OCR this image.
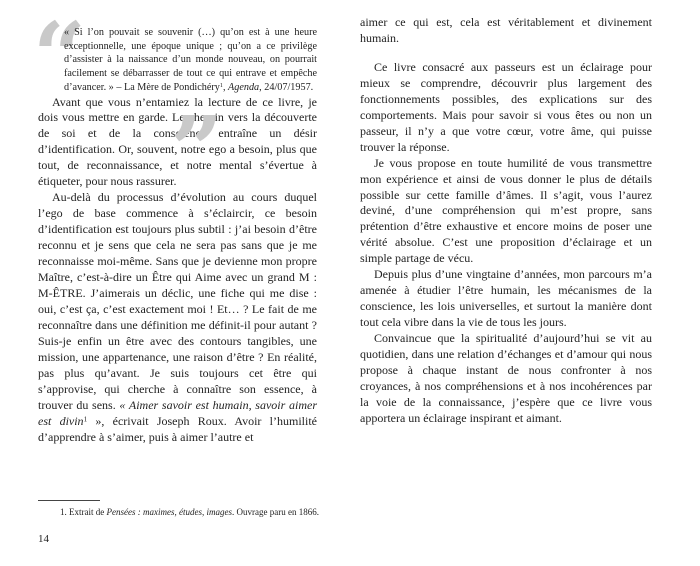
“
”

« Si l’on pouvait se souvenir (…) qu’on est à une heure exceptionnelle, une époque unique ; qu’on a ce privilège d’assister à la naissance d’un monde nouveau, on pourrait facilement se débarrasser de tout ce qui entrave et empêche d’avancer. » – La Mère de Pondichéry$^1$, Agenda, 24/07/1957.

Avant que vous n’entamiez la lecture de ce livre, je dois vous mettre en garde. Le chemin vers la découverte de soi et de la conscience entraîne un désir d’identification. Or, souvent, notre ego a besoin, plus que tout, de reconnaissance, et notre mental s’évertue à étiqueter, pour nous rassurer.

Au-delà du processus d’évolution au cours duquel l’ego de base commence à s’éclaircir, ce besoin d’identification est toujours plus subtil : j’ai besoin d’être reconnu et je sens que cela ne sera pas sans que je me reconnaisse moi-même. Sans que je devienne mon propre Maître, c’est-à-dire un Être qui Aime avec un grand M : M-ÊTRE. J’aimerais un déclic, une fiche qui me dise : oui, c’est ça, c’est exactement moi ! Et… ? Le fait de me reconnaître dans une définition me définit-il pour autant ? Suis-je enfin un être avec des contours tangibles, une mission, une appartenance, une raison d’être ? En réalité, pas plus qu’avant. Je suis toujours cet être qui s’approvise, qui cherche à connaître son essence, à trouver du sens. « Aimer savoir est humain, savoir aimer est divin$^1$ », écrivait Joseph Roux. Avoir l’humilité d’apprendre à s’aimer, puis à aimer l’autre et

1. Extrait de Pensées : maximes, études, images. Ouvrage paru en 1866.

14

aimer ce qui est, cela est véritablement et divinement humain.

Ce livre consacré aux passeurs est un éclairage pour mieux se comprendre, découvrir plus largement des fonctionnements possibles, des explications sur des comportements. Mais pour savoir si vous êtes ou non un passeur, il n’y a que votre cœur, votre âme, qui puisse trouver la réponse.

Je vous propose en toute humilité de vous transmettre mon expérience et ainsi de vous donner le plus de détails possible sur cette famille d’âmes. Il s’agit, vous l’aurez deviné, d’une compréhension qui m’est propre, sans prétention d’être exhaustive et encore moins de poser une vérité absolue. C’est une proposition d’éclairage et un simple partage de vécu.

Depuis plus d’une vingtaine d’années, mon parcours m’a amenée à étudier l’être humain, les mécanismes de la conscience, les lois universelles, et surtout la manière dont tout cela vibre dans la vie de tous les jours.

Convaincue que la spiritualité d’aujourd’hui se vit au quotidien, dans une relation d’échanges et d’amour qui nous propose à chaque instant de nous confronter à nos croyances, à nos compréhensions et à nos incohérences par la voie de la connaissance, j’espère que ce livre vous apportera un éclairage inspirant et aimant.
